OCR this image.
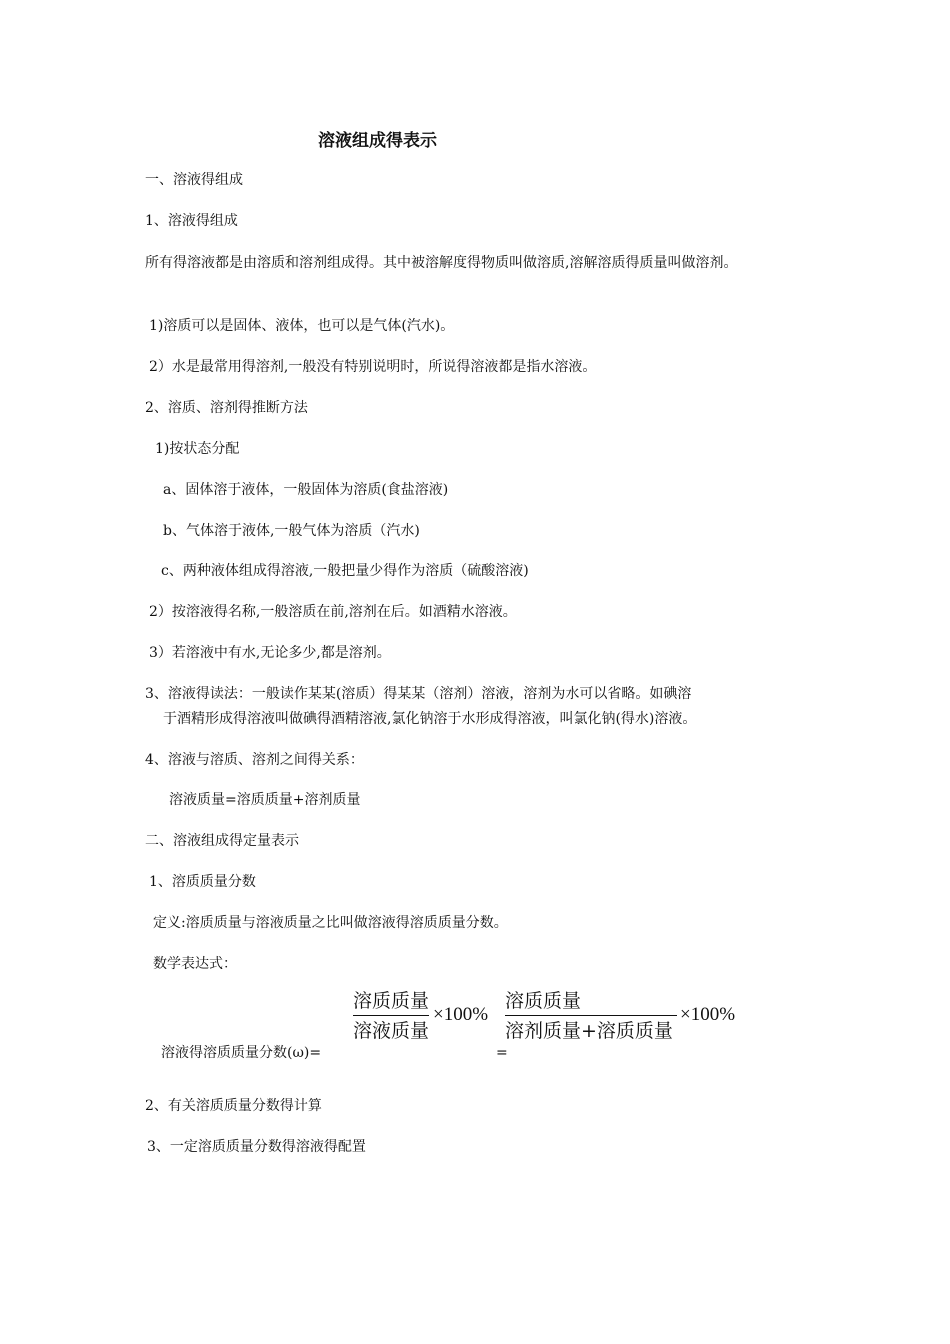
溶液组成得表示
一、溶液得组成
1、溶液得组成
所有得溶液都是由溶质和溶剂组成得。其中被溶解度得物质叫做溶质,溶解溶质得质量叫做溶剂。
1)溶质可以是固体、液体，也可以是气体(汽水)。
2）水是最常用得溶剂,一般没有特别说明时，所说得溶液都是指水溶液。
2、溶质、溶剂得推断方法
1)按状态分配
a、固体溶于液体，一般固体为溶质(食盐溶液)
b、气体溶于液体,一般气体为溶质（汽水)
c、两种液体组成得溶液,一般把量少得作为溶质（硫酸溶液)
2）按溶液得名称,一般溶质在前,溶剂在后。如酒精水溶液。
3）若溶液中有水,无论多少,都是溶剂。
3、溶液得读法：一般读作某某(溶质）得某某（溶剂）溶液，溶剂为水可以省略。如碘溶
于酒精形成得溶液叫做碘得酒精溶液,氯化钠溶于水形成得溶液，叫氯化钠(得水)溶液。
4、溶液与溶质、溶剂之间得关系：
溶液质量=溶质质量+溶剂质量
二、溶液组成得定量表示
1、溶质质量分数
定义:溶质质量与溶液质量之比叫做溶液得溶质质量分数。
数学表达式：
溶质质量
溶液质量
×100%
溶质质量
溶剂质量+溶质质量
×100%
溶液得溶质质量分数(ω)=	=
2、有关溶质质量分数得计算
3、一定溶质质量分数得溶液得配置
